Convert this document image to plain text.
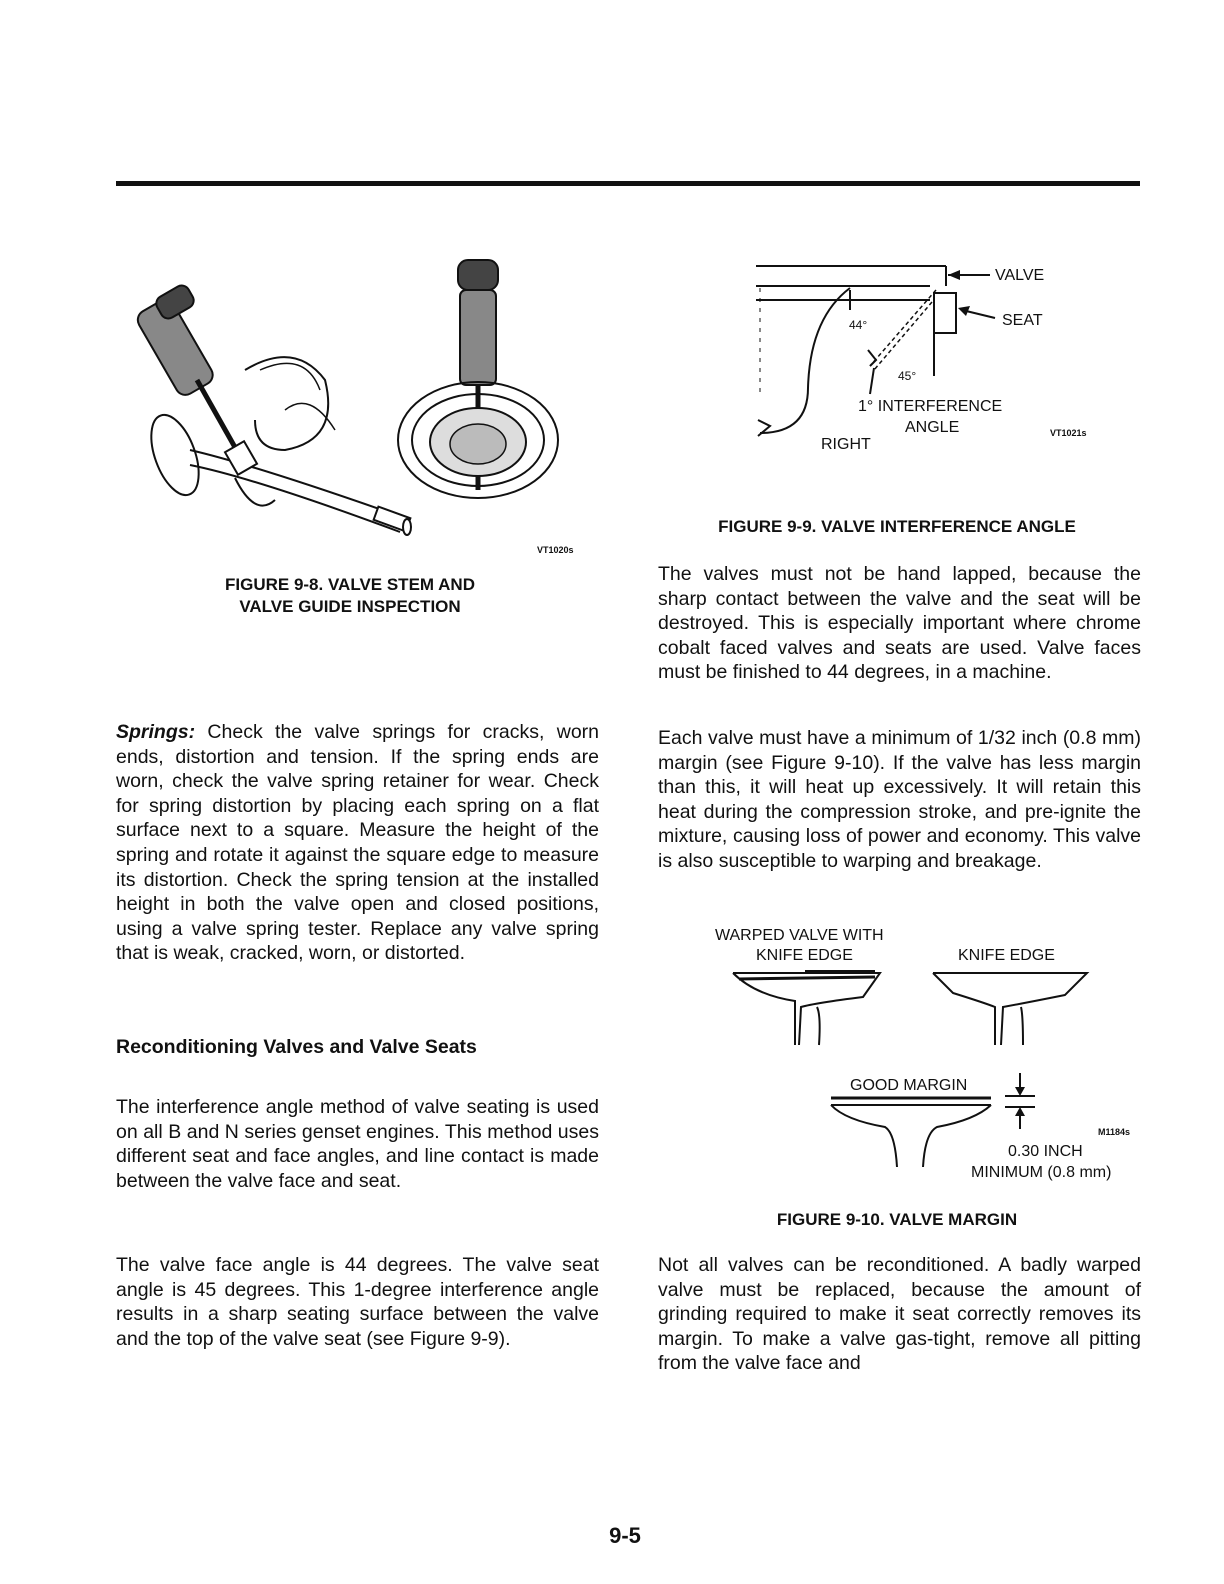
VT1020s

FIGURE 9-8. VALVE STEM AND

VALVE GUIDE INSPECTION

VALVE
SEAT
44°
45°
1° INTERFERENCE
ANGLE
RIGHT
VT1021s

FIGURE 9-9. VALVE INTERFERENCE ANGLE

Springs: Check the valve springs for cracks, worn ends, distortion and tension. If the spring ends are worn, check the valve spring retainer for wear. Check for spring distortion by placing each spring on a flat surface next to a square. Measure the height of the spring and rotate it against the square edge to measure its distortion. Check the spring tension at the installed height in both the valve open and closed positions, using a valve spring tester. Replace any valve spring that is weak, cracked, worn, or distorted.

Reconditioning Valves and Valve Seats

The interference angle method of valve seating is used on all B and N series genset engines. This method uses different seat and face angles, and line contact is made between the valve face and seat.

The valve face angle is 44 degrees. The valve seat angle is 45 degrees. This 1-degree interference angle results in a sharp seating surface between the valve and the top of the valve seat (see Figure 9-9).

The valves must not be hand lapped, because the sharp contact between the valve and the seat will be destroyed. This is especially important where chrome cobalt faced valves and seats are used. Valve faces must be finished to 44 degrees, in a machine.

Each valve must have a minimum of 1/32 inch (0.8 mm) margin (see Figure 9-10). If the valve has less margin than this, it will heat up excessively. It will retain this heat during the compression stroke, and pre-ignite the mixture, causing loss of power and economy. This valve is also susceptible to warping and breakage.

WARPED VALVE WITH
KNIFE EDGE	KNIFE EDGE
GOOD MARGIN
M1184s
0.30 INCH
MINIMUM (0.8 mm)

FIGURE 9-10. VALVE MARGIN

Not all valves can be reconditioned. A badly warped valve must be replaced, because the amount of grinding required to make it seat correctly removes its margin. To make a valve gas-tight, remove all pitting from the valve face and

9-5
